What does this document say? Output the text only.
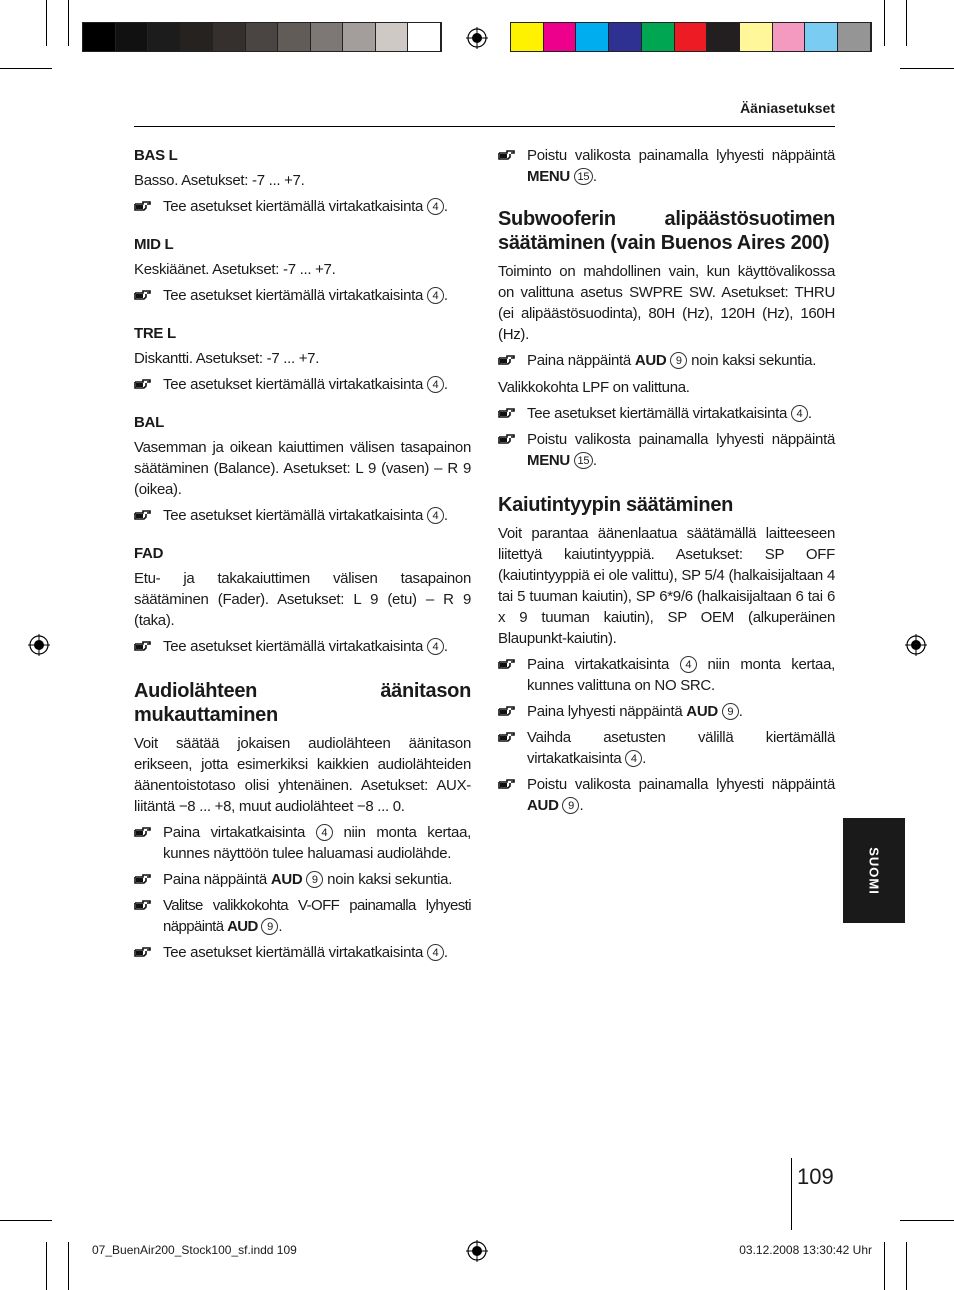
Ääniasetukset

BAS L

Basso. Asetukset: -7 ... +7.

Tee asetukset kiertämällä virtakatkaisinta 4 .

MID L

Keskiäänet. Asetukset: -7 ... +7.

Tee asetukset kiertämällä virtakatkaisinta 4 .

TRE L

Diskantti. Asetukset: -7 ... +7.

Tee asetukset kiertämällä virtakatkaisinta 4 .

BAL

Vasemman ja oikean kaiuttimen välisen tasapainon säätäminen (Balance). Asetukset: L 9 (vasen) – R 9 (oikea).

Tee asetukset kiertämällä virtakatkaisinta 4 .

FAD

Etu- ja takakaiuttimen välisen tasapainon säätäminen (Fader). Asetukset: L 9 (etu) – R 9 (taka).

Tee asetukset kiertämällä virtakatkaisinta 4 .

Audiolähteen äänitason mukauttaminen

Voit säätää jokaisen audiolähteen äänitason erikseen, jotta esimerkiksi kaikkien audiolähteiden äänentoistotaso olisi yhtenäinen. Asetukset: AUX-liitäntä −8 ... +8, muut audiolähteet −8 ... 0.

Paina virtakatkaisinta 4 niin monta kertaa, kunnes näyttöön tulee haluamasi audiolähde.

Paina näppäintä AUD 9 noin kaksi sekuntia.

Valitse valikkokohta V-OFF painamalla lyhyesti näppäintä AUD 9 .

Tee asetukset kiertämällä virtakatkaisinta 4 .

Poistu valikosta painamalla lyhyesti näppäintä MENU 15 .

Subwooferin alipäästösuotimen säätäminen (vain Buenos Aires 200)

Toiminto on mahdollinen vain, kun käyttövalikossa on valittuna asetus SWPRE SW. Asetukset: THRU (ei alipäästösuodinta), 80H (Hz), 120H (Hz), 160H (Hz).

Paina näppäintä AUD 9 noin kaksi sekuntia.

Valikkokohta LPF on valittuna.

Tee asetukset kiertämällä virtakatkaisinta 4 .

Poistu valikosta painamalla lyhyesti näppäintä MENU 15 .

Kaiutintyypin säätäminen

Voit parantaa äänenlaatua säätämällä laitteeseen liitettyä kaiutintyyppiä. Asetukset: SP OFF (kaiutintyyppiä ei ole valittu), SP 5/4 (halkaisijaltaan 4 tai 5 tuuman kaiutin), SP 6*9/6 (halkaisijaltaan 6 tai 6 x 9 tuuman kaiutin), SP OEM (alkuperäinen Blaupunkt-kaiutin).

Paina virtakatkaisinta 4 niin monta kertaa, kunnes valittuna on NO SRC.

Paina lyhyesti näppäintä AUD 9 .

Vaihda asetusten välillä kiertämällä virtakatkaisinta 4 .

Poistu valikosta painamalla lyhyesti näppäintä AUD 9 .

SUOMI
109
07_BuenAir200_Stock100_sf.indd 109	03.12.2008 13:30:42 Uhr
